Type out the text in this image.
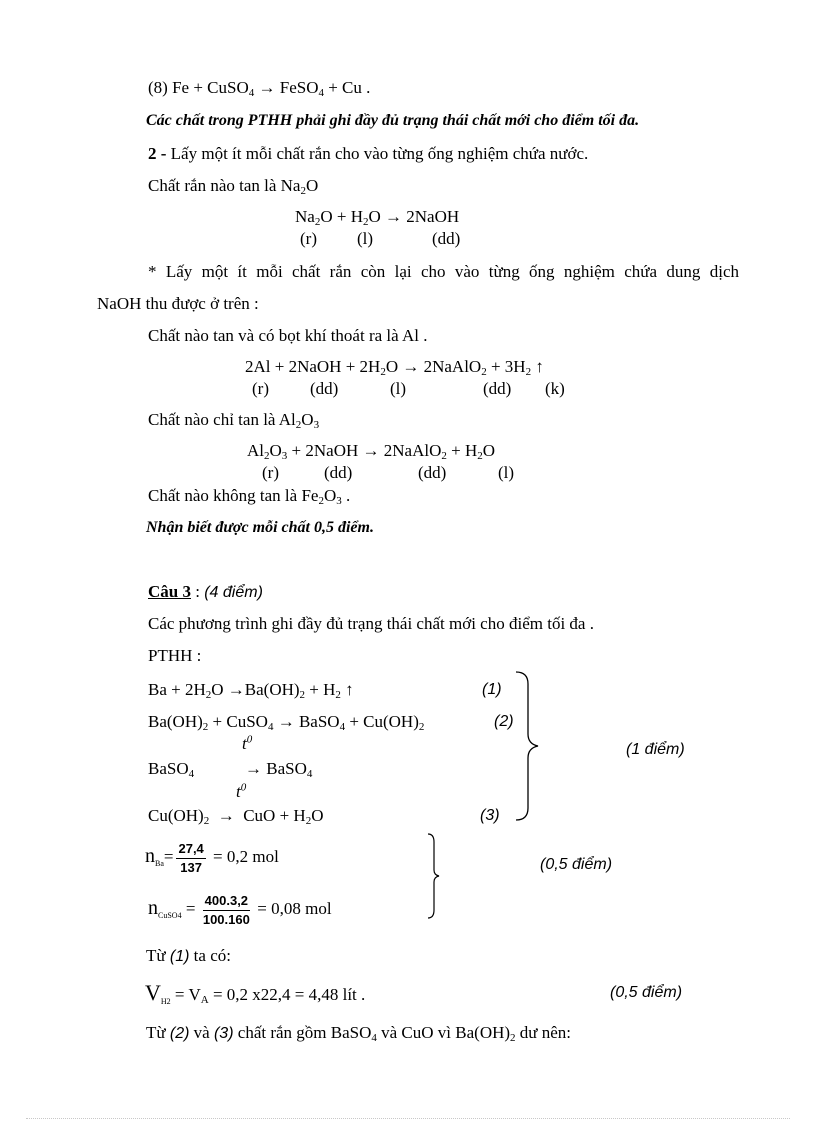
(8) Fe + CuSO$_4$ → FeSO$_4$ + Cu .
Các chất trong PTHH phải ghi đầy đủ trạng thái chất mới cho điểm tối đa.
2 - Lấy một ít mỗi chất rắn cho vào từng ống nghiệm chứa nước.
Chất rắn nào tan là $Na_2O$
$Na_2O + H_2O$ → 2NaOH
(r) (l)	(dd)
* Lấy một ít mỗi chất rắn còn lại cho vào từng ống nghiệm chứa dung dịch
NaOH thu được ở trên :
Chất nào tan và có bọt khí thoát ra là Al .
2Al + 2NaOH + $2H_2O$ → 2NaAlO$_2$ + $3H_2$ ↑
(r) (dd)	(l)	(dd) (k)
Chất nào chỉ tan là $Al_2O_3$
$Al_2O_3$ + 2NaOH → 2NaAlO$_2$ + $H_2O$
(r)	(dd)	(dd)	(l)
Chất nào không tan là $Fe_2O_3$ .
Nhận biết được mỗi chất 0,5 điểm.
Câu 3 : (4 điểm)
Các phương trình ghi đầy đủ trạng thái chất mới cho điểm tối đa .
PTHH :
$Ba + 2H_2O \to Ba(OH)_2 + H_2$ ↑	(1)
$Ba(OH)_2$ + CuSO$_4$ → BaSO$_4$ + $Cu(OH)_2$	(2)
$t^0$
BaSO$_4$	→ BaSO$_4$
$t^0$
$Cu(OH)_2$ →  CuO + $H_2O$	(3)
(1 điểm)
$n_{Ba}= \frac{27,4}{137} = 0,2$ mol
$n_{CuSO4} = \frac{400.3,2}{100.160} = 0,08$ mol
(0,5 điểm)
Từ (1) ta có:
$V_{H2} = V_A = 0,2$ x22,4 = 4,48 lít .	(0,5 điểm)
Từ (2) và (3) chất rắn gồm BaSO$_4$ và CuO vì $Ba(OH)_2$ dư nên:
